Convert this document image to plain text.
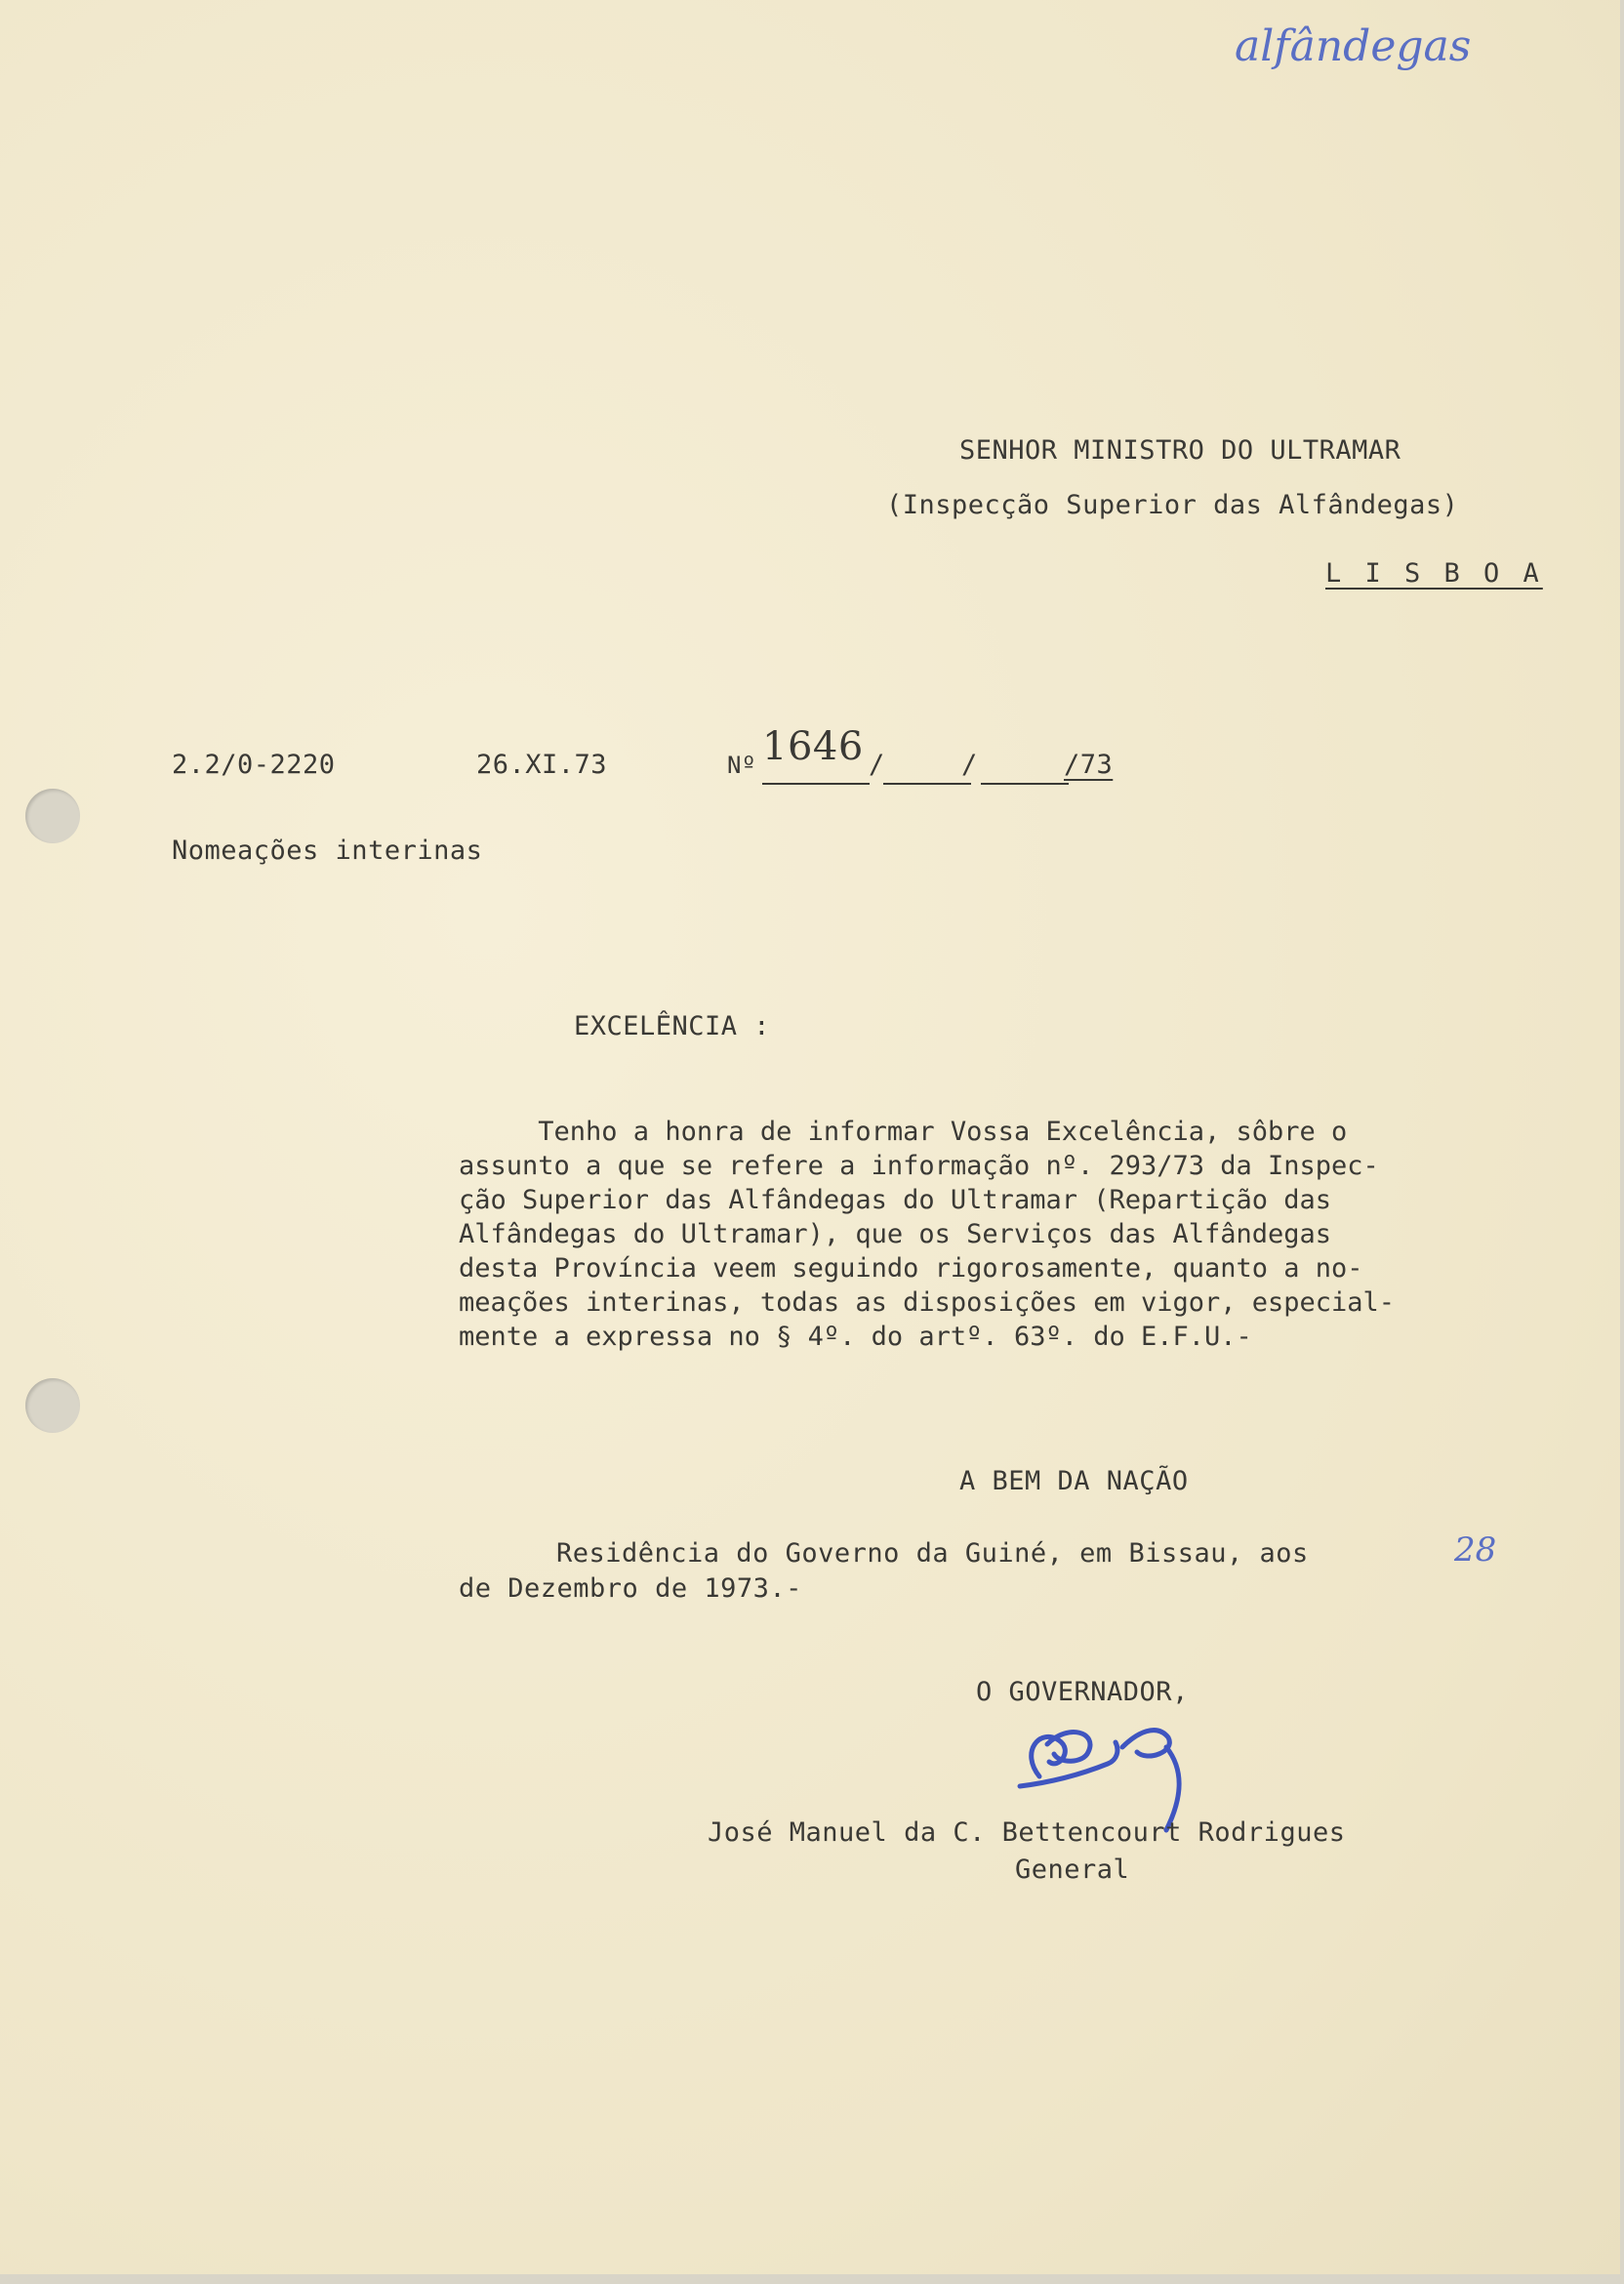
alfândegas
SENHOR MINISTRO DO ULTRAMAR
(Inspecção Superior das Alfândegas)
L I S B O A
2.2/0-2220	26.XI.73	Nº 1646 /	/	/73
Nomeações interinas
EXCELÊNCIA :
Tenho a honra de informar Vossa Excelência, sôbre o
assunto a que se refere a informação nº. 293/73 da Inspec-
ção Superior das Alfândegas do Ultramar (Repartição das
Alfândegas do Ultramar), que os Serviços das Alfândegas
desta Província veem seguindo rigorosamente, quanto a no-
meações interinas, todas as disposições em vigor, especial-
mente a expressa no § 4º. do artº. 63º. do E.F.U.-
A BEM DA NAÇÃO
Residência do Governo da Guiné, em Bissau, aos	28
de Dezembro de 1973.-
O GOVERNADOR,
José Manuel da C. Bettencourt Rodrigues
General
